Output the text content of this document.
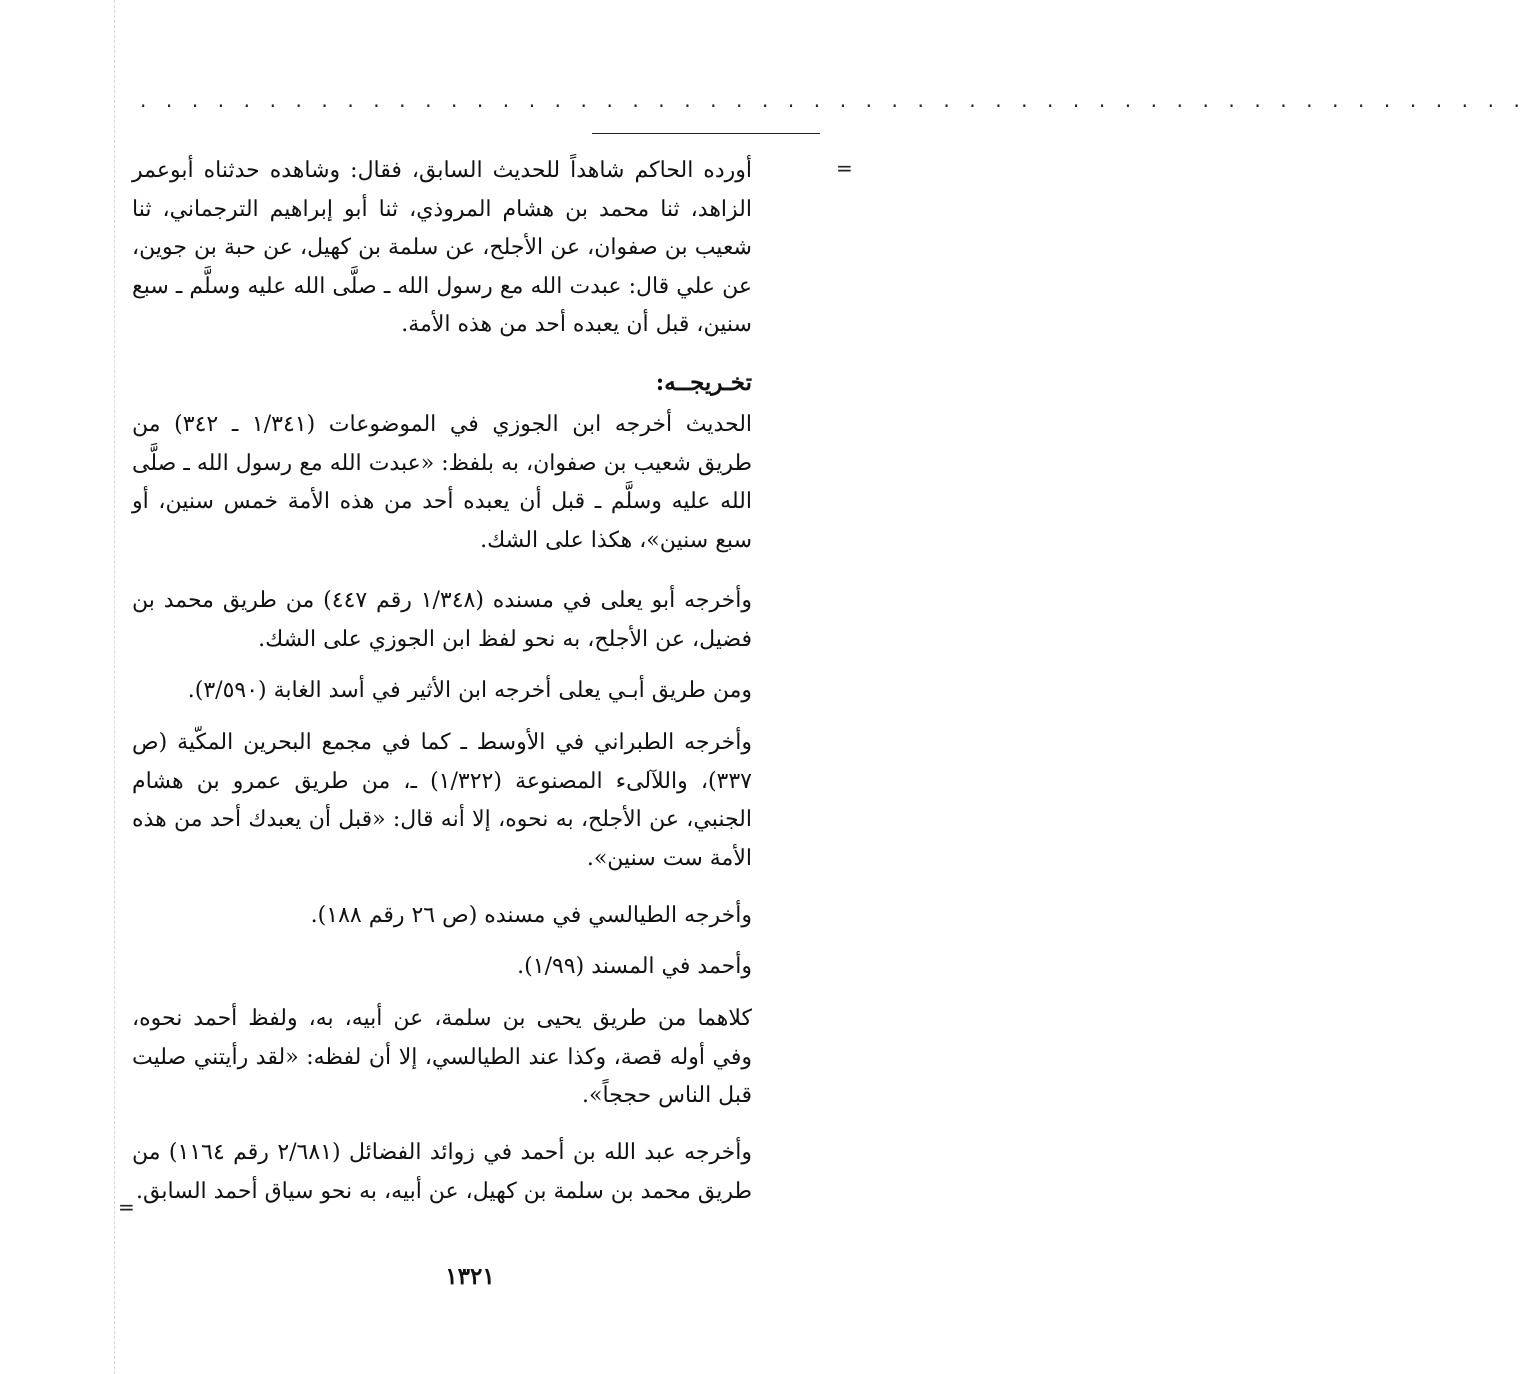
. . . . . . . . . . . . . . . . . . . . . . . . . . . . . . . . . . . . . . . . . . . . . . . . . . . . . .
=

أورده الحاكم شاهداً للحديث السابق، فقال: وشاهده حدثناه أبوعمر الزاهد، ثنا محمد بن هشام المروذي، ثنا أبو إبراهيم الترجماني، ثنا شعيب بن صفوان، عن الأجلح، عن سلمة بن كهيل، عن حبة بن جوين، عن علي قال: عبدت الله مع رسول الله ـ صلَّى الله عليه وسلَّم ـ سبع سنين، قبل أن يعبده أحد من هذه الأمة.

تخـريجــه:

الحديث أخرجه ابن الجوزي في الموضوعات (١/٣٤١ ـ ٣٤٢) من طريق شعيب بن صفوان، به بلفظ: «عبدت الله مع رسول الله ـ صلَّى الله عليه وسلَّم ـ قبل أن يعبده أحد من هذه الأمة خمس سنين، أو سبع سنين»، هكذا على الشك.

وأخرجه أبو يعلى في مسنده (١/٣٤٨ رقم ٤٤٧) من طريق محمد بن فضيل، عن الأجلح، به نحو لفظ ابن الجوزي على الشك.

ومن طريق أبـي يعلى أخرجه ابن الأثير في أسد الغابة (٣/٥٩٠).

وأخرجه الطبراني في الأوسط ـ كما في مجمع البحرين المكّية (ص ٣٣٧)، واللآلىء المصنوعة (١/٣٢٢) ـ، من طريق عمرو بن هشام الجنبي، عن الأجلح، به نحوه، إلا أنه قال: «قبل أن يعبدك أحد من هذه الأمة ست سنين».

وأخرجه الطيالسي في مسنده (ص ٢٦ رقم ١٨٨).

وأحمد في المسند (١/٩٩).

كلاهما من طريق يحيى بن سلمة، عن أبيه، به، ولفظ أحمد نحوه، وفي أوله قصة، وكذا عند الطيالسي، إلا أن لفظه: «لقد رأيتني صليت قبل الناس حججاً».

وأخرجه عبد الله بن أحمد في زوائد الفضائل (٢/٦٨١ رقم ١١٦٤) من طريق محمد بن سلمة بن كهيل، عن أبيه، به نحو سياق أحمد السابق.

=
١٣٢١
